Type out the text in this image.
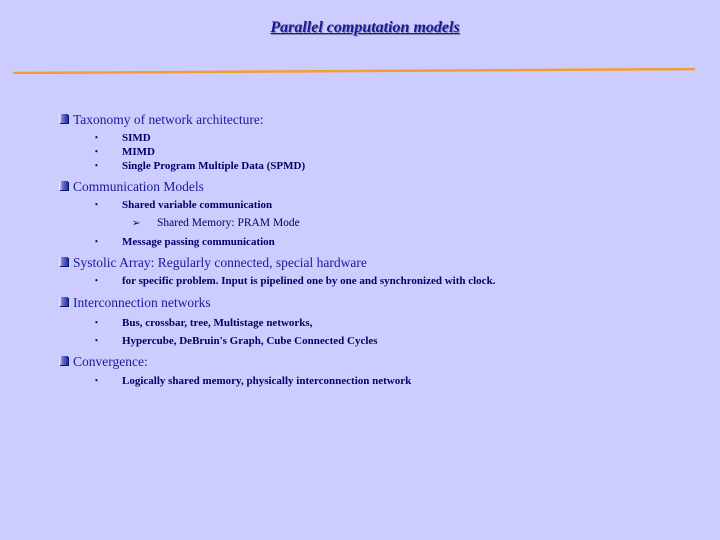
Parallel computation models
Taxonomy of network architecture:
• SIMD
• MIMD
• Single Program Multiple Data (SPMD)
Communication Models
• Shared variable communication
➢ Shared Memory: PRAM Mode
• Message passing communication
Systolic Array: Regularly connected, special hardware
• for specific problem. Input is pipelined one by one and synchronized with clock.
Interconnection networks
• Bus, crossbar, tree, Multistage networks,
• Hypercube, DeBruin's Graph, Cube Connected Cycles
Convergence:
• Logically shared memory, physically interconnection network
